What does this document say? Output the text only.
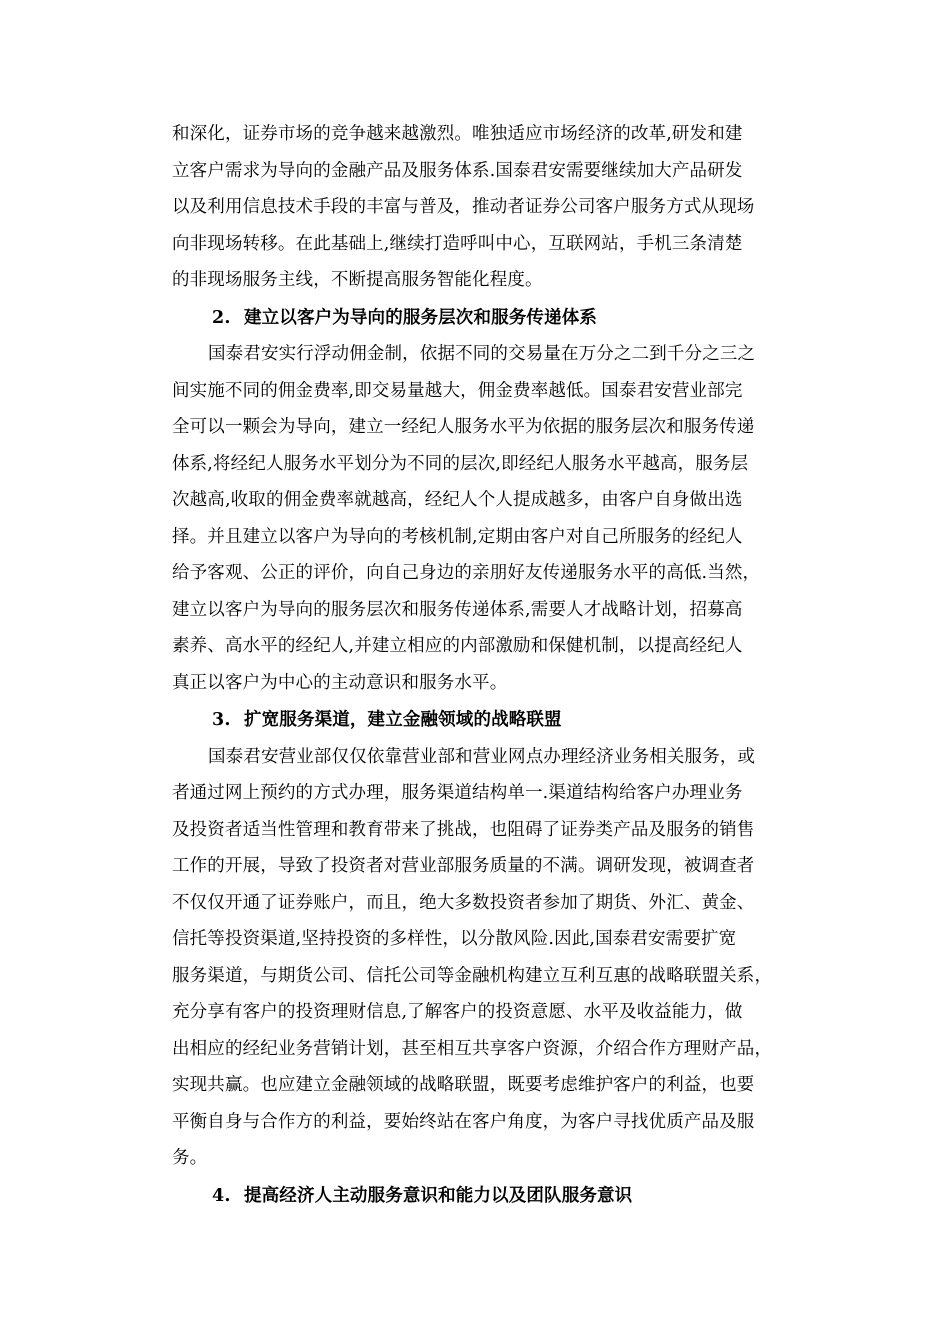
和深化，证券市场的竞争越来越激烈。唯独适应市场经济的改革,研发和建
立客户需求为导向的金融产品及服务体系.国泰君安需要继续加大产品研发
以及利用信息技术手段的丰富与普及，推动者证券公司客户服务方式从现场
向非现场转移。在此基础上,继续打造呼叫中心，互联网站，手机三条清楚
的非现场服务主线，不断提高服务智能化程度。
2. 建立以客户为导向的服务层次和服务传递体系
国泰君安实行浮动佣金制，依据不同的交易量在万分之二到千分之三之
间实施不同的佣金费率,即交易量越大，佣金费率越低。国泰君安营业部完
全可以一颗会为导向，建立一经纪人服务水平为依据的服务层次和服务传递
体系,将经纪人服务水平划分为不同的层次,即经纪人服务水平越高，服务层
次越高,收取的佣金费率就越高，经纪人个人提成越多，由客户自身做出选
择。并且建立以客户为导向的考核机制,定期由客户对自己所服务的经纪人
给予客观、公正的评价，向自己身边的亲朋好友传递服务水平的高低.当然，
建立以客户为导向的服务层次和服务传递体系,需要人才战略计划，招募高
素养、高水平的经纪人,并建立相应的内部激励和保健机制，以提高经纪人
真正以客户为中心的主动意识和服务水平。
3. 扩宽服务渠道，建立金融领域的战略联盟
国泰君安营业部仅仅依靠营业部和营业网点办理经济业务相关服务，或
者通过网上预约的方式办理，服务渠道结构单一.渠道结构给客户办理业务
及投资者适当性管理和教育带来了挑战，也阻碍了证券类产品及服务的销售
工作的开展，导致了投资者对营业部服务质量的不满。调研发现，被调查者
不仅仅开通了证券账户，而且，绝大多数投资者参加了期货、外汇、黄金、
信托等投资渠道,坚持投资的多样性，以分散风险.因此,国泰君安需要扩宽
服务渠道，与期货公司、信托公司等金融机构建立互利互惠的战略联盟关系，
充分享有客户的投资理财信息,了解客户的投资意愿、水平及收益能力，做
出相应的经纪业务营销计划，甚至相互共享客户资源，介绍合作方理财产品，
实现共赢。也应建立金融领域的战略联盟，既要考虑维护客户的利益，也要
平衡自身与合作方的利益，要始终站在客户角度，为客户寻找优质产品及服
务。
4. 提高经济人主动服务意识和能力以及团队服务意识
